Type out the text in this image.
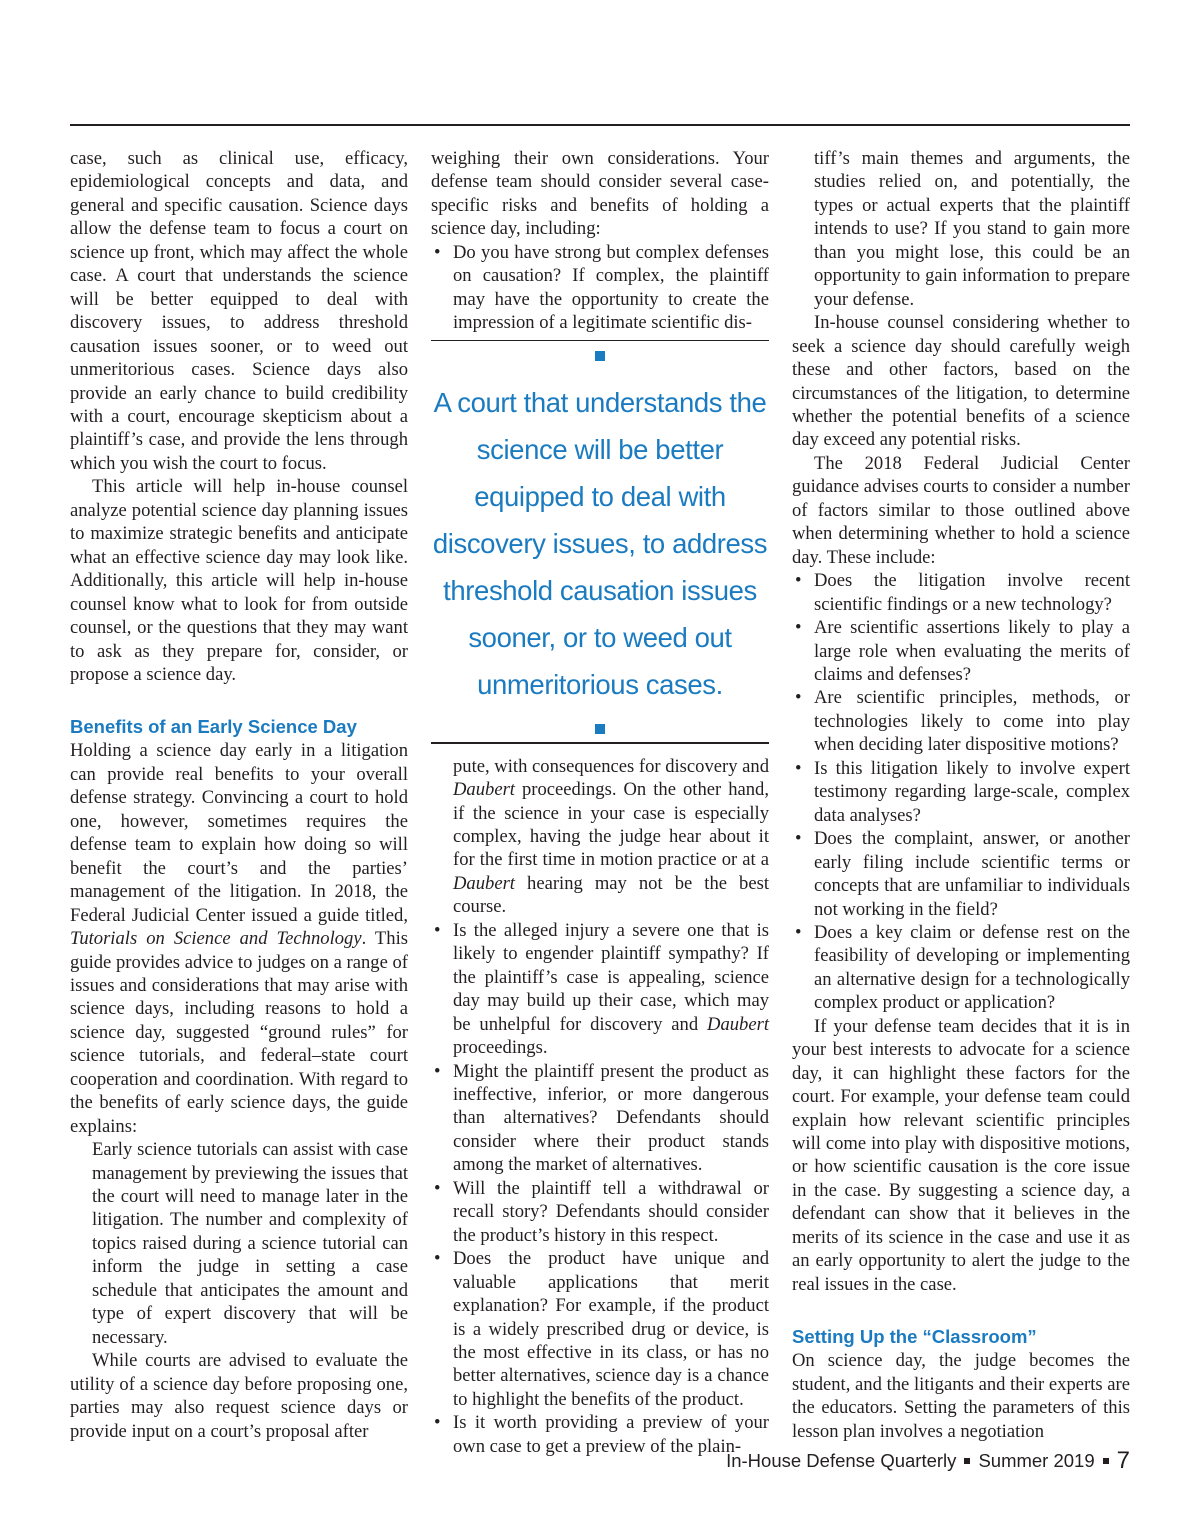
case, such as clinical use, efficacy, epidemiological concepts and data, and general and specific causation. Science days allow the defense team to focus a court on science up front, which may affect the whole case. A court that understands the science will be better equipped to deal with discovery issues, to address threshold causation issues sooner, or to weed out unmeritorious cases. Science days also provide an early chance to build credibility with a court, encourage skepticism about a plaintiff’s case, and provide the lens through which you wish the court to focus.

This article will help in-house counsel analyze potential science day planning issues to maximize strategic benefits and anticipate what an effective science day may look like. Additionally, this article will help in-house counsel know what to look for from outside counsel, or the questions that they may want to ask as they prepare for, consider, or propose a science day.

Benefits of an Early Science Day

Holding a science day early in a litigation can provide real benefits to your overall defense strategy. Convincing a court to hold one, however, sometimes requires the defense team to explain how doing so will benefit the court’s and the parties’ management of the litigation. In 2018, the Federal Judicial Center issued a guide titled, Tutorials on Science and Technology. This guide provides advice to judges on a range of issues and considerations that may arise with science days, including reasons to hold a science day, suggested “ground rules” for science tutorials, and federal–state court cooperation and coordination. With regard to the benefits of early science days, the guide explains:

Early science tutorials can assist with case management by previewing the issues that the court will need to manage later in the litigation. The number and complexity of topics raised during a science tutorial can inform the judge in setting a case schedule that anticipates the amount and type of expert discovery that will be necessary.

While courts are advised to evaluate the utility of a science day before proposing one, parties may also request science days or provide input on a court’s proposal after

weighing their own considerations. Your defense team should consider several case-specific risks and benefits of holding a science day, including:

• Do you have strong but complex defenses on causation? If complex, the plaintiff may have the opportunity to create the impression of a legitimate scientific dis-
A court that understands the science will be better equipped to deal with discovery issues, to address threshold causation issues sooner, or to weed out unmeritorious cases.
pute, with consequences for discovery and Daubert proceedings. On the other hand, if the science in your case is especially complex, having the judge hear about it for the first time in motion practice or at a Daubert hearing may not be the best course.
• Is the alleged injury a severe one that is likely to engender plaintiff sympathy? If the plaintiff’s case is appealing, science day may build up their case, which may be unhelpful for discovery and Daubert proceedings.
• Might the plaintiff present the product as ineffective, inferior, or more dangerous than alternatives? Defendants should consider where their product stands among the market of alternatives.
• Will the plaintiff tell a withdrawal or recall story? Defendants should consider the product’s history in this respect.
• Does the product have unique and valuable applications that merit explanation? For example, if the product is a widely prescribed drug or device, is the most effective in its class, or has no better alternatives, science day is a chance to highlight the benefits of the product.
• Is it worth providing a preview of your own case to get a preview of the plain-

tiff’s main themes and arguments, the studies relied on, and potentially, the types or actual experts that the plaintiff intends to use? If you stand to gain more than you might lose, this could be an opportunity to gain information to prepare your defense.

In-house counsel considering whether to seek a science day should carefully weigh these and other factors, based on the circumstances of the litigation, to determine whether the potential benefits of a science day exceed any potential risks.

The 2018 Federal Judicial Center guidance advises courts to consider a number of factors similar to those outlined above when determining whether to hold a science day. These include:

• Does the litigation involve recent scientific findings or a new technology?
• Are scientific assertions likely to play a large role when evaluating the merits of claims and defenses?
• Are scientific principles, methods, or technologies likely to come into play when deciding later dispositive motions?
• Is this litigation likely to involve expert testimony regarding large-scale, complex data analyses?
• Does the complaint, answer, or another early filing include scientific terms or concepts that are unfamiliar to individuals not working in the field?
• Does a key claim or defense rest on the feasibility of developing or implementing an alternative design for a technologically complex product or application?

If your defense team decides that it is in your best interests to advocate for a science day, it can highlight these factors for the court. For example, your defense team could explain how relevant scientific principles will come into play with dispositive motions, or how scientific causation is the core issue in the case. By suggesting a science day, a defendant can show that it believes in the merits of its science in the case and use it as an early opportunity to alert the judge to the real issues in the case.

Setting Up the “Classroom”

On science day, the judge becomes the student, and the litigants and their experts are the educators. Setting the parameters of this lesson plan involves a negotiation

In-House Defense Quarterly Summer 2019 7
